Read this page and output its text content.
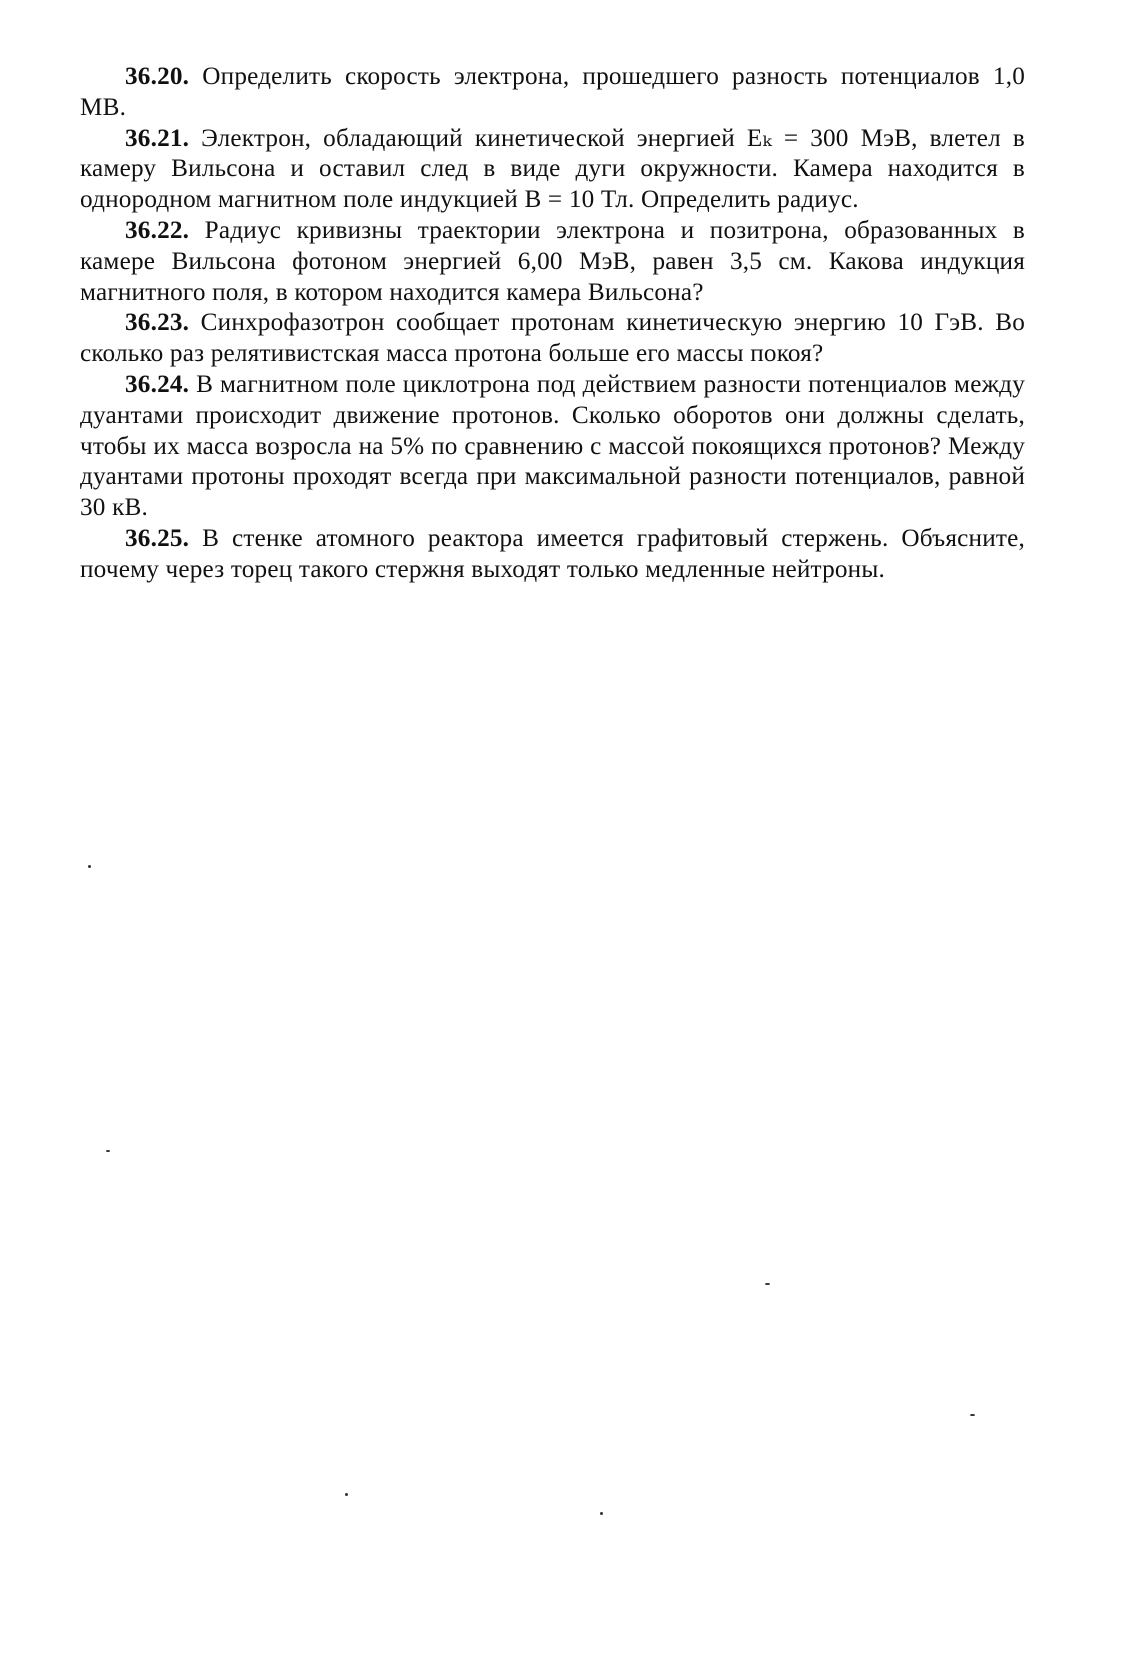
36.20. Определить скорость электрона, прошедшего разность потенциалов 1,0 МВ.

36.21. Электрон, обладающий кинетической энергией Eₖ = 300 МэВ, влетел в камеру Вильсона и оставил след в виде дуги окружности. Камера находится в однородном магнитном поле индукцией B = 10 Тл. Определить радиус.

36.22. Радиус кривизны траектории электрона и позитрона, образованных в камере Вильсона фотоном энергией 6,00 МэВ, равен 3,5 см. Какова индукция магнитного поля, в котором находится камера Вильсона?

36.23. Синхрофазотрон сообщает протонам кинетическую энергию 10 ГэВ. Во сколько раз релятивистская масса протона больше его массы покоя?

36.24. В магнитном поле циклотрона под действием разности потенциалов между дуантами происходит движение протонов. Сколько оборотов они должны сделать, чтобы их масса возросла на 5% по сравнению с массой покоящихся протонов? Между дуантами протоны проходят всегда при максимальной разности потенциалов, равной 30 кВ.

36.25. В стенке атомного реактора имеется графитовый стержень. Объясните, почему через торец такого стержня выходят только медленные нейтроны.
